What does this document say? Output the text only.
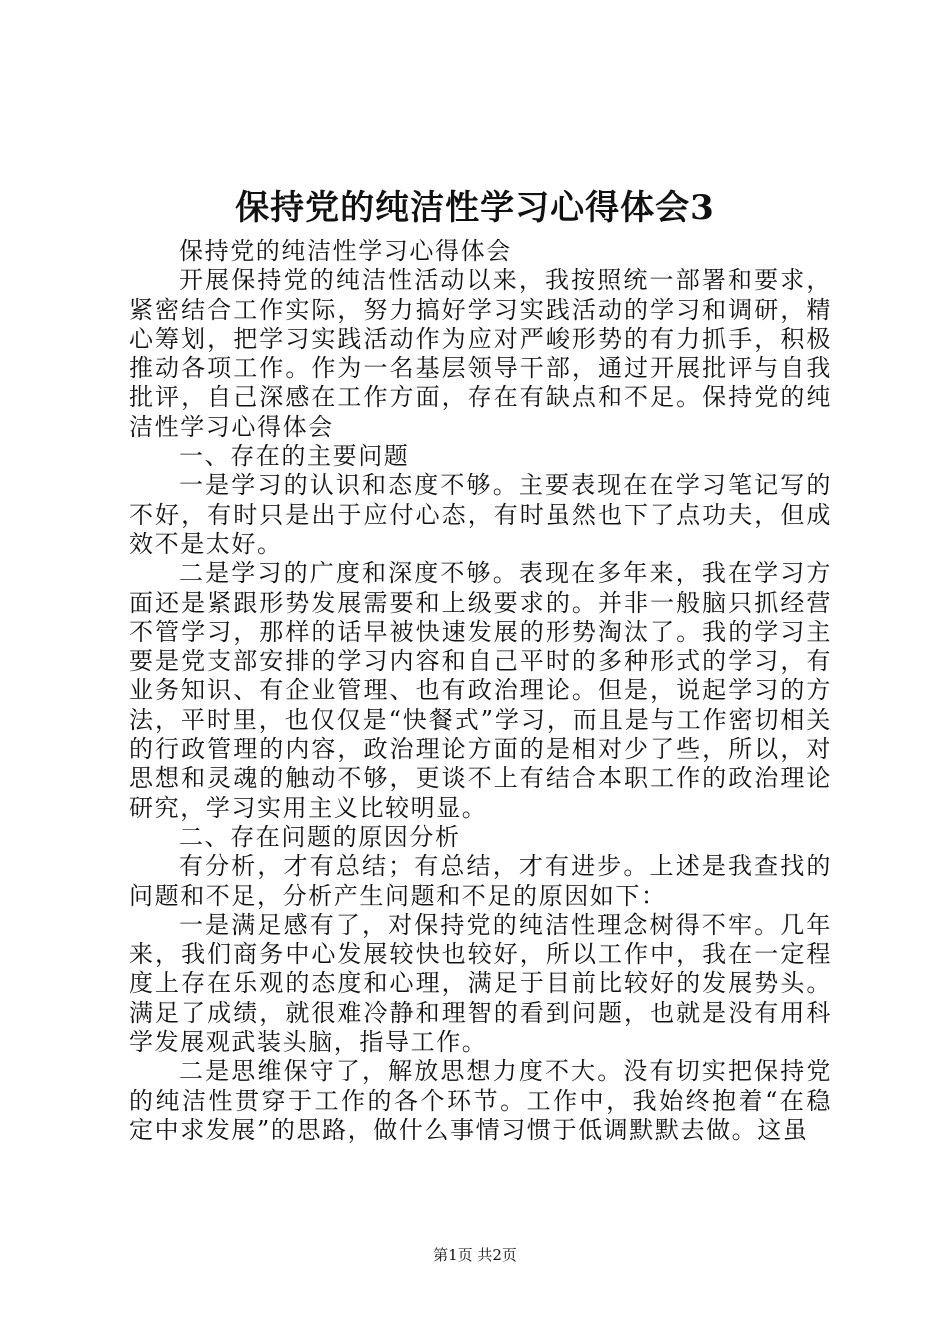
保持党的纯洁性学习心得体会3

保持党的纯洁性学习心得体会

开展保持党的纯洁性活动以来，我按照统一部署和要求，紧密结合工作实际，努力搞好学习实践活动的学习和调研，精心筹划，把学习实践活动作为应对严峻形势的有力抓手，积极推动各项工作。作为一名基层领导干部，通过开展批评与自我批评，自己深感在工作方面，存在有缺点和不足。保持党的纯洁性学习心得体会

一、存在的主要问题

一是学习的认识和态度不够。主要表现在在学习笔记写的不好，有时只是出于应付心态，有时虽然也下了点功夫，但成效不是太好。

二是学习的广度和深度不够。表现在多年来，我在学习方面还是紧跟形势发展需要和上级要求的。并非一般脑只抓经营不管学习，那样的话早被快速发展的形势淘汰了。我的学习主要是党支部安排的学习内容和自己平时的多种形式的学习，有业务知识、有企业管理、也有政治理论。但是，说起学习的方法，平时里，也仅仅是“快餐式”学习，而且是与工作密切相关的行政管理的内容，政治理论方面的是相对少了些，所以，对思想和灵魂的触动不够，更谈不上有结合本职工作的政治理论研究，学习实用主义比较明显。

二、存在问题的原因分析

有分析，才有总结；有总结，才有进步。上述是我查找的问题和不足，分析产生问题和不足的原因如下：

一是满足感有了，对保持党的纯洁性理念树得不牢。几年来，我们商务中心发展较快也较好，所以工作中，我在一定程度上存在乐观的态度和心理，满足于目前比较好的发展势头。满足了成绩，就很难冷静和理智的看到问题，也就是没有用科学发展观武装头脑，指导工作。

二是思维保守了，解放思想力度不大。没有切实把保持党的纯洁性贯穿于工作的各个环节。工作中，我始终抱着“在稳定中求发展”的思路，做什么事情习惯于低调默默去做。这虽

第1页 共2页
